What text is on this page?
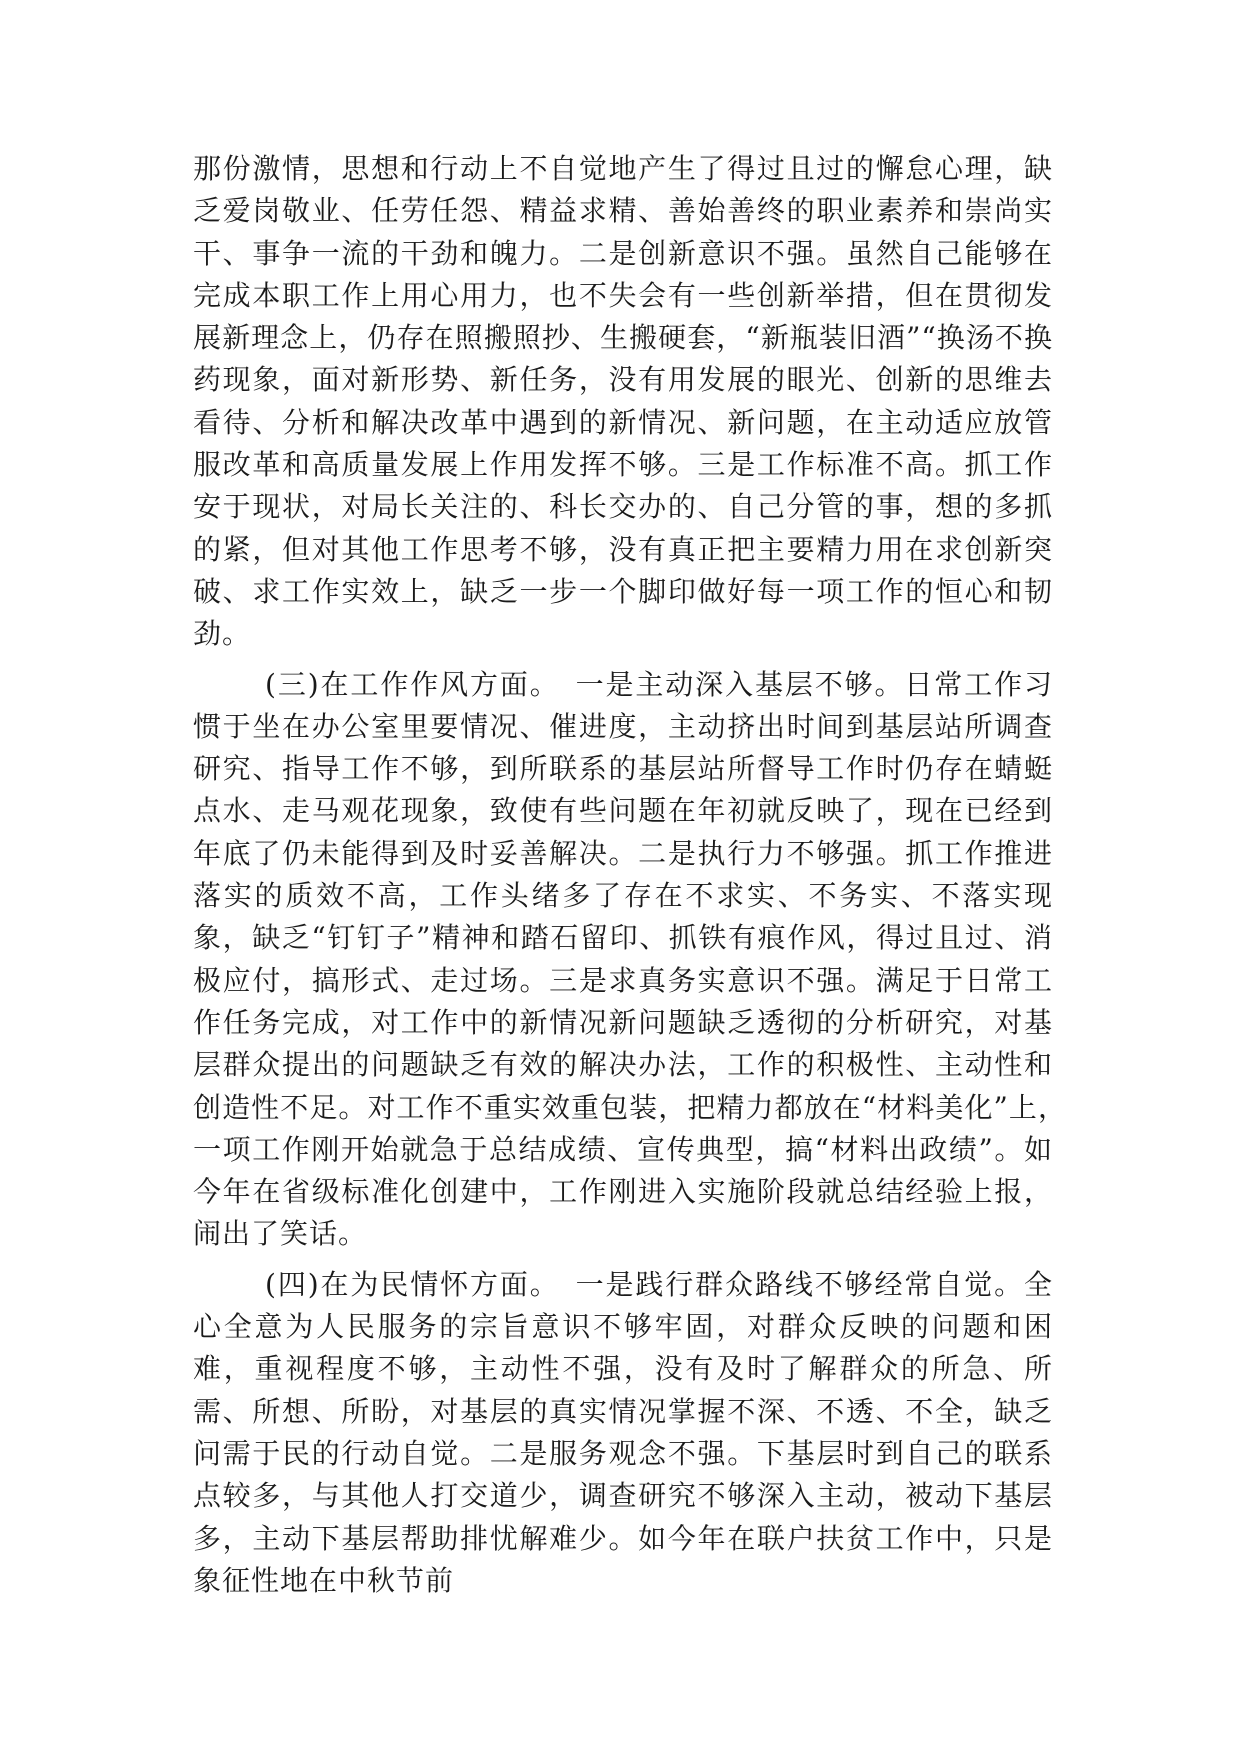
那份激情，思想和行动上不自觉地产生了得过且过的懈怠心理，缺乏爱岗敬业、任劳任怨、精益求精、善始善终的职业素养和崇尚实干、事争一流的干劲和魄力。二是创新意识不强。虽然自己能够在完成本职工作上用心用力，也不失会有一些创新举措，但在贯彻发展新理念上，仍存在照搬照抄、生搬硬套，“新瓶装旧酒”“换汤不换药现象，面对新形势、新任务，没有用发展的眼光、创新的思维去看待、分析和解决改革中遇到的新情况、新问题，在主动适应放管服改革和高质量发展上作用发挥不够。三是工作标准不高。抓工作安于现状，对局长关注的、科长交办的、自己分管的事，想的多抓的紧，但对其他工作思考不够，没有真正把主要精力用在求创新突破、求工作实效上，缺乏一步一个脚印做好每一项工作的恒心和韧劲。

(三)在工作作风方面。　一是主动深入基层不够。日常工作习惯于坐在办公室里要情况、催进度，主动挤出时间到基层站所调查研究、指导工作不够，到所联系的基层站所督导工作时仍存在蜻蜓点水、走马观花现象，致使有些问题在年初就反映了，现在已经到年底了仍未能得到及时妥善解决。二是执行力不够强。抓工作推进落实的质效不高，工作头绪多了存在不求实、不务实、不落实现象，缺乏“钉钉子”精神和踏石留印、抓铁有痕作风，得过且过、消极应付，搞形式、走过场。三是求真务实意识不强。满足于日常工作任务完成，对工作中的新情况新问题缺乏透彻的分析研究，对基层群众提出的问题缺乏有效的解决办法，工作的积极性、主动性和创造性不足。对工作不重实效重包装，把精力都放在“材料美化”上，　一项工作刚开始就急于总结成绩、宣传典型，搞“材料出政绩”。如今年在省级标准化创建中，工作刚进入实施阶段就总结经验上报，闹出了笑话。

(四)在为民情怀方面。　一是践行群众路线不够经常自觉。全心全意为人民服务的宗旨意识不够牢固，对群众反映的问题和困难，重视程度不够，主动性不强，没有及时了解群众的所急、所需、所想、所盼，对基层的真实情况掌握不深、不透、不全，缺乏问需于民的行动自觉。二是服务观念不强。下基层时到自己的联系点较多，与其他人打交道少，调查研究不够深入主动，被动下基层多，主动下基层帮助排忧解难少。如今年在联户扶贫工作中，只是象征性地在中秋节前
